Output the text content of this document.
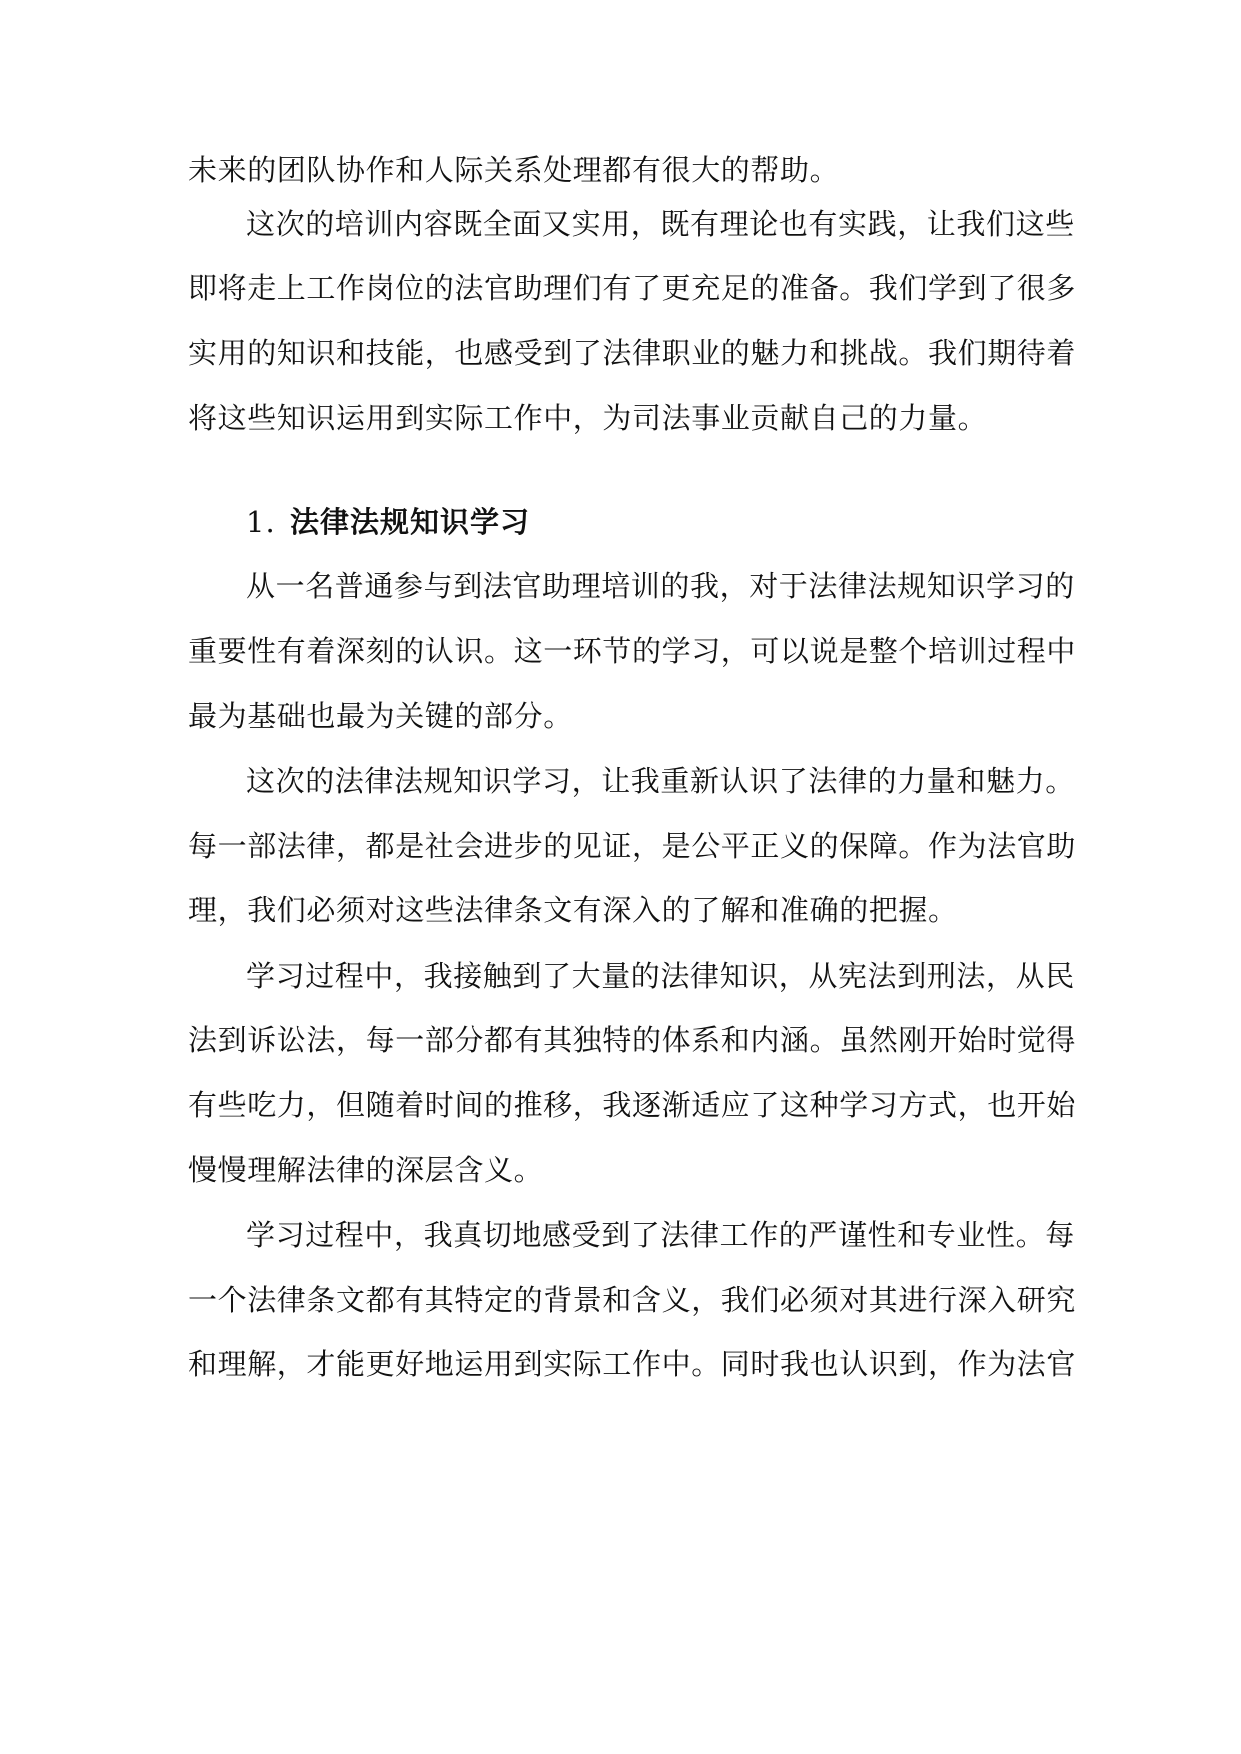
未来的团队协作和人际关系处理都有很大的帮助。
这次的培训内容既全面又实用，既有理论也有实践，让我们这些
即将走上工作岗位的法官助理们有了更充足的准备。我们学到了很多
实用的知识和技能，也感受到了法律职业的魅力和挑战。我们期待着
将这些知识运用到实际工作中，为司法事业贡献自己的力量。
1. 法律法规知识学习
从一名普通参与到法官助理培训的我，对于法律法规知识学习的
重要性有着深刻的认识。这一环节的学习，可以说是整个培训过程中
最为基础也最为关键的部分。
这次的法律法规知识学习，让我重新认识了法律的力量和魅力。
每一部法律，都是社会进步的见证，是公平正义的保障。作为法官助
理，我们必须对这些法律条文有深入的了解和准确的把握。
学习过程中，我接触到了大量的法律知识，从宪法到刑法，从民
法到诉讼法，每一部分都有其独特的体系和内涵。虽然刚开始时觉得
有些吃力，但随着时间的推移，我逐渐适应了这种学习方式，也开始
慢慢理解法律的深层含义。
学习过程中，我真切地感受到了法律工作的严谨性和专业性。每
一个法律条文都有其特定的背景和含义，我们必须对其进行深入研究
和理解，才能更好地运用到实际工作中。同时我也认识到，作为法官
